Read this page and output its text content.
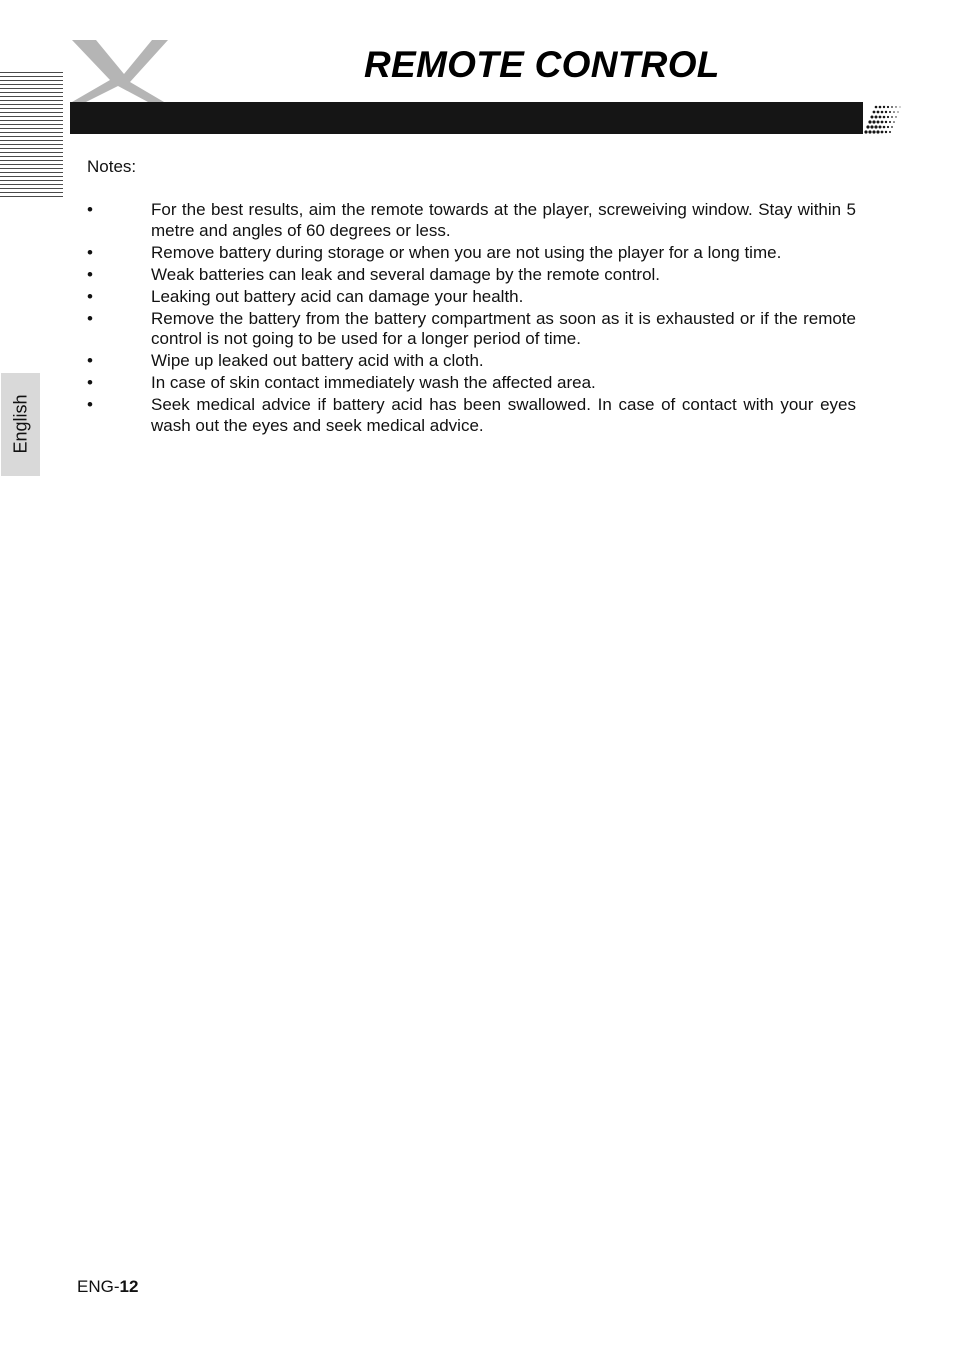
REMOTE CONTROL
English
Notes:
•	For the best results, aim the remote towards at the player, screweiving window. Stay within 5 metre and angles of 60 degrees or less.
•	Remove battery during storage or when you are not using the player for a long time.
•	Weak batteries can leak and several damage by the remote control.
•	Leaking out battery acid can damage your health.
•	Remove the battery from the battery compartment as soon as it is exhausted or if the remote control is not going to be used for a longer period of time.
•	Wipe up leaked out battery acid with a cloth.
•	In case of skin contact immediately wash the affected area.
•	Seek medical advice if battery acid has been swallowed. In case of contact with your eyes wash out the eyes and seek medical advice.
ENG-12
